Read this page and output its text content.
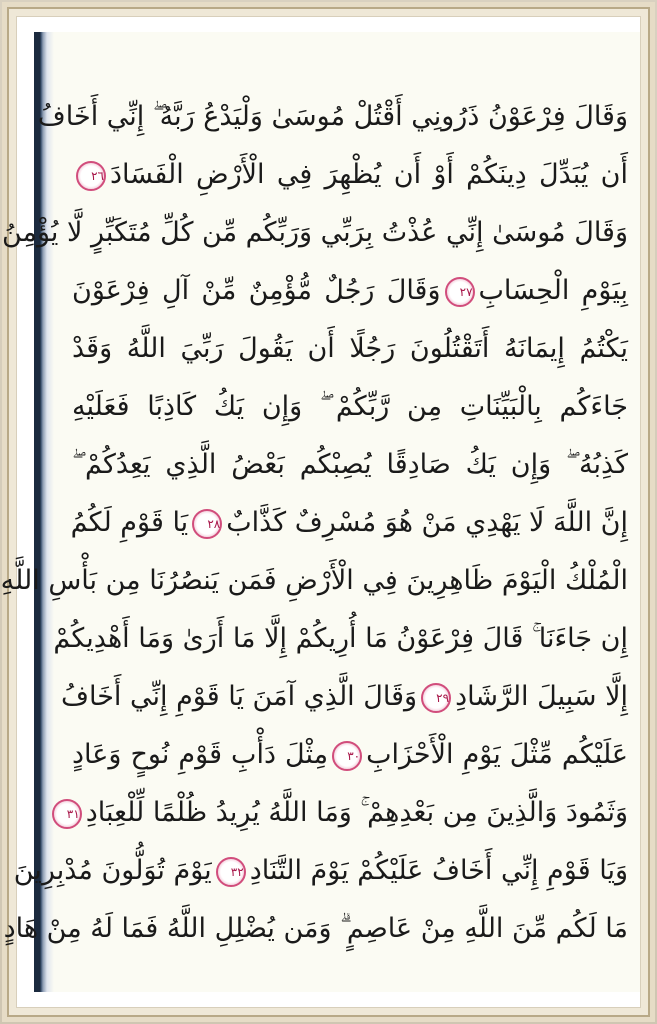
وَقَالَ فِرْعَوْنُ ذَرُونِي أَقْتُلْ مُوسَىٰ وَلْيَدْعُ رَبَّهُ ۖ إِنِّي أَخَافُ
أَن يُبَدِّلَ دِينَكُمْ أَوْ أَن يُظْهِرَ فِي الْأَرْضِ الْفَسَادَ٢٦
وَقَالَ مُوسَىٰ إِنِّي عُذْتُ بِرَبِّي وَرَبِّكُم مِّن كُلِّ مُتَكَبِّرٍ لَّا يُؤْمِنُ
بِيَوْمِ الْحِسَابِ٢٧وَقَالَ رَجُلٌ مُّؤْمِنٌ مِّنْ آلِ فِرْعَوْنَ
يَكْتُمُ إِيمَانَهُ أَتَقْتُلُونَ رَجُلًا أَن يَقُولَ رَبِّيَ اللَّهُ وَقَدْ
جَاءَكُم بِالْبَيِّنَاتِ مِن رَّبِّكُمْ ۖ وَإِن يَكُ كَاذِبًا فَعَلَيْهِ
كَذِبُهُ ۖ وَإِن يَكُ صَادِقًا يُصِبْكُم بَعْضُ الَّذِي يَعِدُكُمْ ۖ
إِنَّ اللَّهَ لَا يَهْدِي مَنْ هُوَ مُسْرِفٌ كَذَّابٌ٢٨يَا قَوْمِ لَكُمُ
الْمُلْكُ الْيَوْمَ ظَاهِرِينَ فِي الْأَرْضِ فَمَن يَنصُرُنَا مِن بَأْسِ اللَّهِ
إِن جَاءَنَا ۚ قَالَ فِرْعَوْنُ مَا أُرِيكُمْ إِلَّا مَا أَرَىٰ وَمَا أَهْدِيكُمْ
إِلَّا سَبِيلَ الرَّشَادِ٢٩وَقَالَ الَّذِي آمَنَ يَا قَوْمِ إِنِّي أَخَافُ
عَلَيْكُم مِّثْلَ يَوْمِ الْأَحْزَابِ٣٠مِثْلَ دَأْبِ قَوْمِ نُوحٍ وَعَادٍ
وَثَمُودَ وَالَّذِينَ مِن بَعْدِهِمْ ۚ وَمَا اللَّهُ يُرِيدُ ظُلْمًا لِّلْعِبَادِ٣١
وَيَا قَوْمِ إِنِّي أَخَافُ عَلَيْكُمْ يَوْمَ التَّنَادِ٣٢يَوْمَ تُوَلُّونَ مُدْبِرِينَ
مَا لَكُم مِّنَ اللَّهِ مِنْ عَاصِمٍ ۗ وَمَن يُضْلِلِ اللَّهُ فَمَا لَهُ مِنْ هَادٍ
